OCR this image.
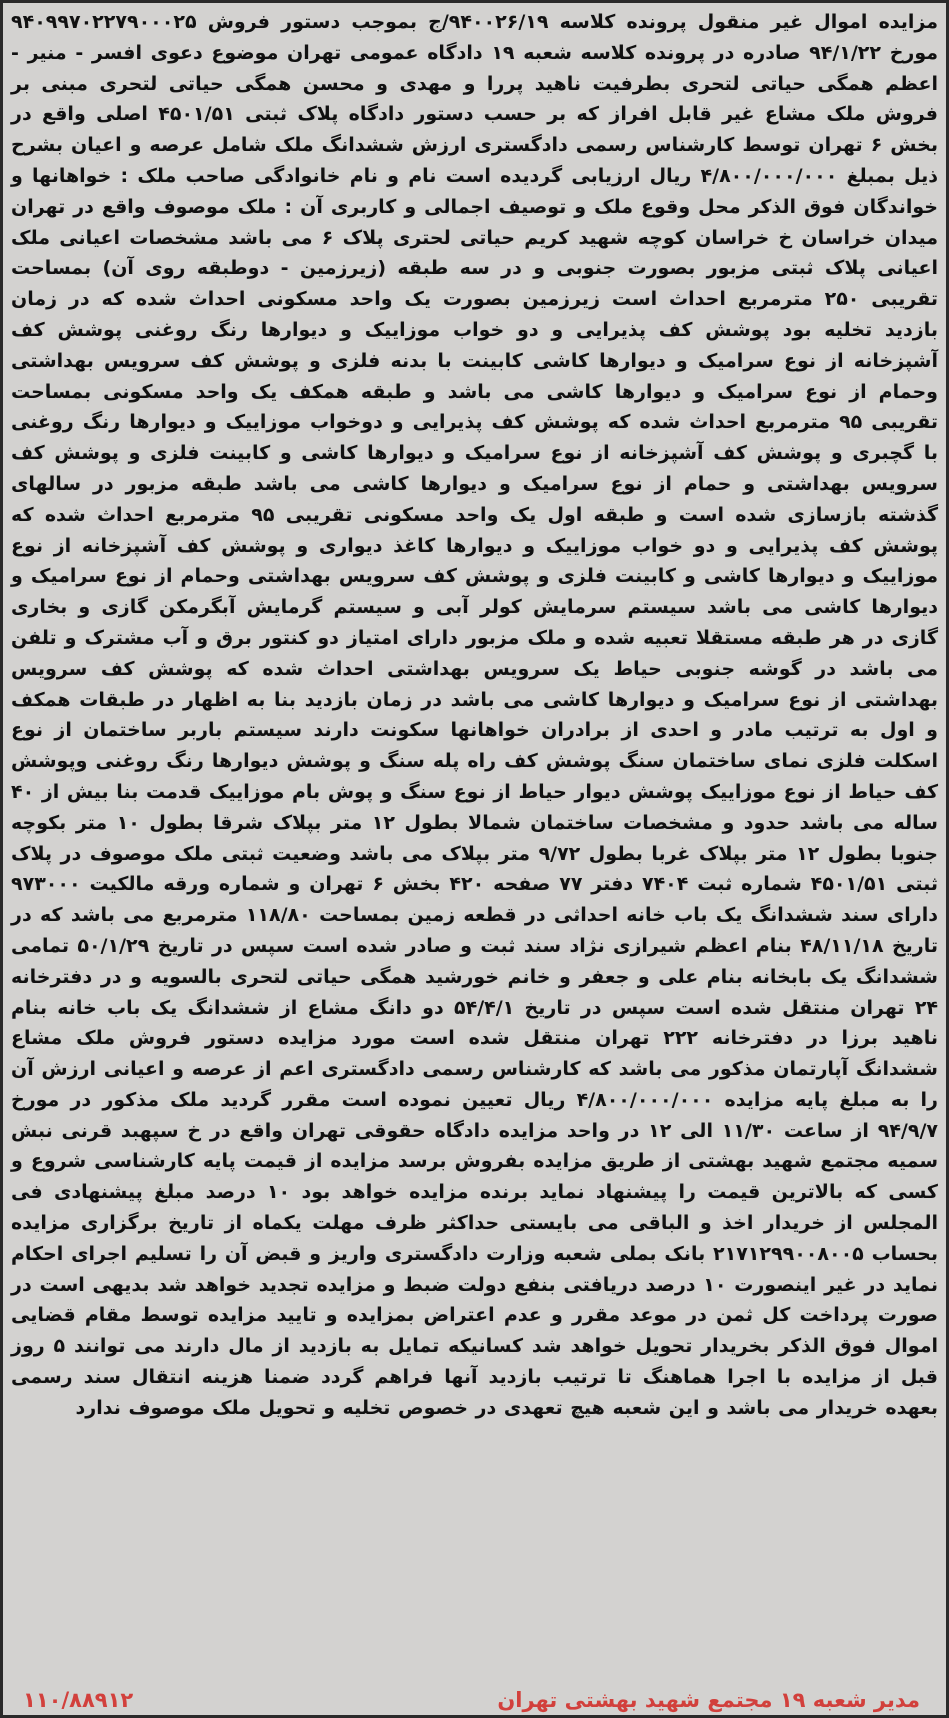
مزایده اموال غیر منقول پرونده کلاسه ۹۴۰۰۲۶/۱۹/ج بموجب دستور فروش ۹۴۰۹۹۷۰۲۲۷۹۰۰۰۲۵ مورخ ۹۴/۱/۲۲ صادره در پرونده کلاسه شعبه ۱۹ دادگاه عمومی تهران موضوع دعوی افسر - منیر - اعظم همگی حیاتی لتحری بطرفیت ناهید پررا و مهدی و محسن همگی حیاتی لتحری مبنی بر فروش ملک مشاع غیر قابل افراز که بر حسب دستور دادگاه پلاک ثبتی ۴۵۰۱/۵۱ اصلی واقع در بخش ۶ تهران توسط کارشناس رسمی دادگستری ارزش ششدانگ ملک شامل عرصه و اعیان بشرح ذیل بمبلغ ۴/۸۰۰/۰۰۰/۰۰۰ ریال ارزیابی گردیده است نام و نام خانوادگی صاحب ملک : خواهانها و خواندگان فوق الذکر محل وقوع ملک و توصیف اجمالی و کاربری آن : ملک موصوف واقع در تهران میدان خراسان خ خراسان کوچه شهید کریم حیاتی لحتری پلاک ۶ می باشد مشخصات اعیانی ملک اعیانی پلاک ثبتی مزبور بصورت جنوبی و در سه طبقه (زیرزمین - دوطبقه روی آن) بمساحت تقریبی ۲۵۰ مترمربع احداث است زیرزمین بصورت یک واحد مسکونی احداث شده که در زمان بازدید تخلیه بود پوشش کف پذیرایی و دو خواب موزاییک و دیوارها رنگ روغنی پوشش کف آشپزخانه از نوع سرامیک و دیوارها کاشی کابینت با بدنه فلزی و پوشش کف سرویس بهداشتی وحمام از نوع سرامیک و دیوارها کاشی می باشد و طبقه همکف یک واحد مسکونی بمساحت تقریبی ۹۵ مترمربع احداث شده که پوشش کف پذیرایی و دوخواب موزاییک و دیوارها رنگ روغنی با گچبری و پوشش کف آشپزخانه از نوع سرامیک و دیوارها کاشی و کابینت فلزی و پوشش کف سرویس بهداشتی و حمام از نوع سرامیک و دیوارها کاشی می باشد طبقه مزبور در سالهای گذشته بازسازی شده است و طبقه اول یک واحد مسکونی تقریبی ۹۵ مترمربع احداث شده که پوشش کف پذیرایی و دو خواب موزاییک و دیوارها کاغذ دیواری و پوشش کف آشپزخانه از نوع موزاییک و دیوارها کاشی و کابینت فلزی و پوشش کف سرویس بهداشتی وحمام از نوع سرامیک و دیوارها کاشی می باشد سیستم سرمایش کولر آبی و سیستم گرمایش آبگرمکن گازی و بخاری گازی در هر طبقه مستقلا تعبیه شده و ملک مزبور دارای امتیاز دو کنتور برق و آب مشترک و تلفن می باشد در گوشه جنوبی حیاط یک سرویس بهداشتی احداث شده که پوشش کف سرویس بهداشتی از نوع سرامیک و دیوارها کاشی می باشد در زمان بازدید بنا به اظهار در طبقات همکف و اول به ترتیب مادر و احدی از برادران خواهانها سکونت دارند سیستم باربر ساختمان از نوع اسکلت فلزی نمای ساختمان سنگ پوشش کف راه پله سنگ و پوشش دیوارها رنگ روغنی وپوشش کف حیاط از نوع موزاییک پوشش دیوار حیاط از نوع سنگ و پوش بام موزاییک قدمت بنا بیش از ۴۰ ساله می باشد حدود و مشخصات ساختمان شمالا بطول ۱۲ متر بپلاک شرقا بطول ۱۰ متر بکوچه جنوبا بطول ۱۲ متر بپلاک غربا بطول ۹/۷۲ متر بپلاک می باشد وضعیت ثبتی ملک موصوف در پلاک ثبتی ۴۵۰۱/۵۱ شماره ثبت ۷۴۰۴ دفتر ۷۷ صفحه ۴۲۰ بخش ۶ تهران و شماره ورقه مالکیت ۹۷۳۰۰۰ دارای سند ششدانگ یک باب خانه احداثی در قطعه زمین بمساحت ۱۱۸/۸۰ مترمربع می باشد که در تاریخ ۴۸/۱۱/۱۸ بنام اعظم شیرازی نژاد سند ثبت و صادر شده است سپس در تاریخ ۵۰/۱/۲۹ تمامی ششدانگ یک بابخانه بنام علی و جعفر و خانم خورشید همگی حیاتی لتحری بالسویه و در دفترخانه ۲۴ تهران منتقل شده است سپس در تاریخ ۵۴/۴/۱ دو دانگ مشاع از ششدانگ یک باب خانه بنام ناهید برزا در دفترخانه ۲۲۲ تهران منتقل شده است مورد مزایده دستور فروش ملک مشاع ششدانگ آپارتمان مذکور می باشد که کارشناس رسمی دادگستری اعم از عرصه و اعیانی ارزش آن را به مبلغ پایه مزایده ۴/۸۰۰/۰۰۰/۰۰۰ ریال تعیین نموده است مقرر گردید ملک مذکور در مورخ ۹۴/۹/۷ از ساعت ۱۱/۳۰ الی ۱۲ در واحد مزایده دادگاه حقوقی تهران واقع در خ سپهبد قرنی نبش سمیه مجتمع شهید بهشتی از طریق مزایده بفروش برسد مزایده از قیمت پایه کارشناسی شروع و کسی که بالاترین قیمت را پیشنهاد نماید برنده مزایده خواهد بود ۱۰ درصد مبلغ پیشنهادی فی المجلس از خریدار اخذ و الباقی می بایستی حداکثر ظرف مهلت یکماه از تاریخ برگزاری مزایده بحساب ۲۱۷۱۲۹۹۰۰۸۰۰۵ بانک بملی شعبه وزارت دادگستری واریز و قبض آن را تسلیم اجرای احکام نماید در غیر اینصورت ۱۰ درصد دریافتی بنفع دولت ضبط و مزایده تجدید خواهد شد بدیهی است در صورت پرداخت کل ثمن در موعد مقرر و عدم اعتراض بمزایده و تایید مزایده توسط مقام قضایی اموال فوق الذکر بخریدار تحویل خواهد شد کسانیکه تمایل به بازدید از مال دارند می توانند ۵ روز قبل از مزایده با اجرا هماهنگ تا ترتیب بازدید آنها فراهم گردد ضمنا هزینه انتقال سند رسمی بعهده خریدار می باشد و این شعبه هیچ تعهدی در خصوص تخلیه و تحویل ملک موصوف ندارد
مدیر شعبه ۱۹ مجتمع شهید بهشتی تهران
۱۱۰/۸۸۹۱۲
